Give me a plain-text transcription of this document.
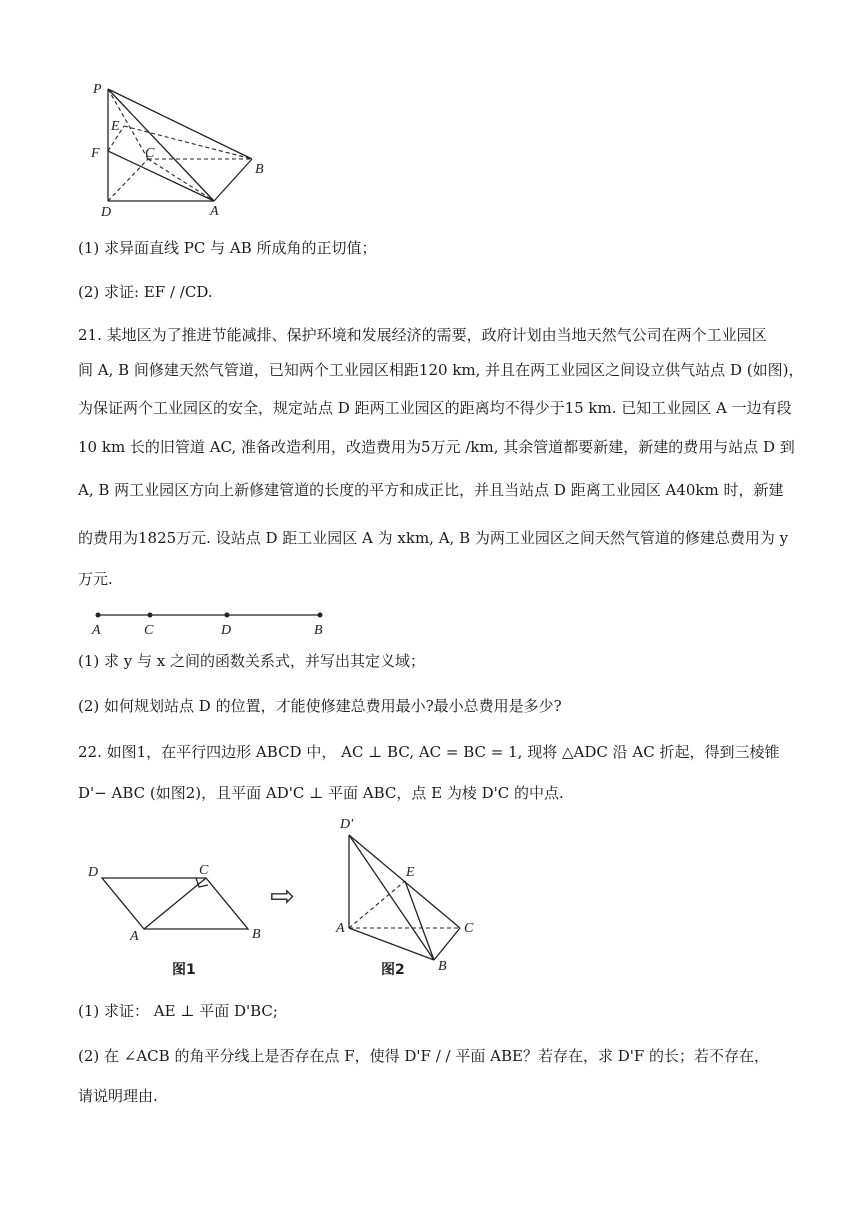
P
E
F	C
B
D	A
(1) 求异面直线 PC 与 AB 所成角的正切值；
(2) 求证: EF / /CD.
21. 某地区为了推进节能减排、保护环境和发展经济的需要，政府计划由当地天然气公司在两个工业园区
间 A, B 间修建天然气管道，已知两个工业园区相距120 km, 并且在两工业园区之间设立供气站点 D (如图)，
为保证两个工业园区的安全，规定站点 D 距两工业园区的距离均不得少于15 km. 已知工业园区 A 一边有段
10 km 长的旧管道 AC, 准备改造利用，改造费用为5万元 /km, 其余管道都要新建，新建的费用与站点 D 到
A, B 两工业园区方向上新修建管道的长度的平方和成正比，并且当站点 D 距离工业园区 A40km 时，新建
的费用为1825万元. 设站点 D 距工业园区 A 为 xkm, A, B 为两工业园区之间天然气管道的修建总费用为 y
万元.
A	C	D	B
(1) 求 y 与 x 之间的函数关系式，并写出其定义域；
(2) 如何规划站点 D 的位置，才能使修建总费用最小?最小总费用是多少?
22. 如图1，在平行四边形 ABCD 中， AC ⊥ BC, AC = BC = 1, 现将 △ADC 沿 AC 折起，得到三棱锥
D'− ABC (如图2)，且平面 AD'C ⊥ 平面 ABC，点 E 为棱 D'C 的中点.
D	C
A	B
图1
⇨
D'
E
A	C
B
图2
(1) 求证： AE ⊥ 平面 D'BC;
(2) 在 ∠ACB 的角平分线上是否存在点 F，使得 D'F / / 平面 ABE？若存在，求 D'F 的长；若不存在，
请说明理由.
